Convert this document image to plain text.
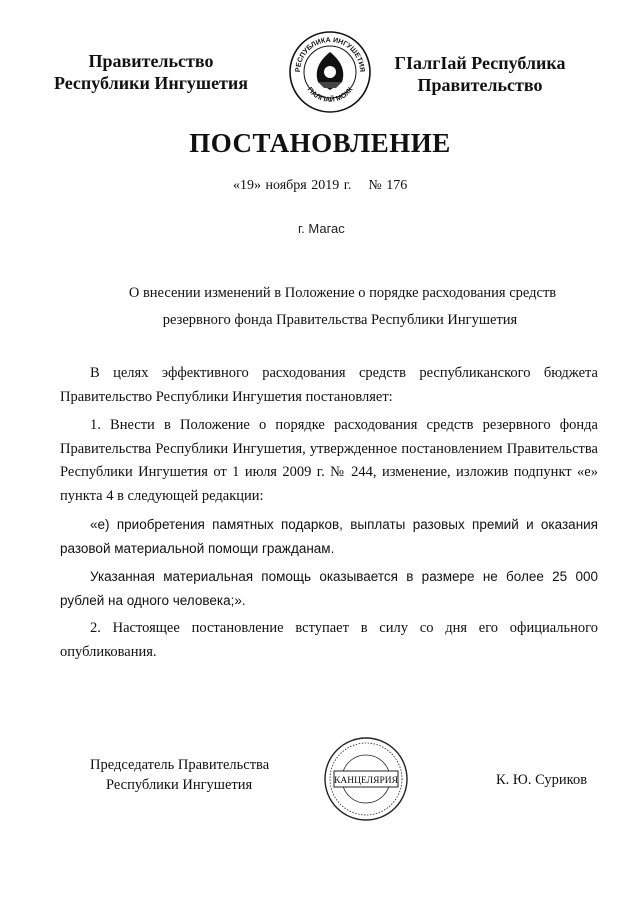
Правительство
Республики Ингушетия
РЕСПУБЛИКА ИНГУШЕТИЯ
ГIАЛГIАЙ МОХК
ГIалгIай Республика
Правительство
ПОСТАНОВЛЕНИЕ
«19» ноября 2019 г. № 176
г. Магас
О внесении изменений в Положение о порядке расходования средств
резервного фонда Правительства Республики Ингушетия

В целях эффективного расходования средств республиканского бюджета Правительство Республики Ингушетия постановляет:

1. Внести в Положение о порядке расходования средств резервного фонда Правительства Республики Ингушетия, утвержденное постановлением Правительства Республики Ингушетия от 1 июля 2009 г. № 244, изменение, изложив подпункт «е» пункта 4 в следующей редакции:

«е) приобретения памятных подарков, выплаты разовых премий и оказания разовой материальной помощи гражданам.

Указанная материальная помощь оказывается в размере не более 25 000 рублей на одного человека;».

2. Настоящее постановление вступает в силу со дня его официального опубликования.

Председатель Правительства
Республики Ингушетия	КАНЦЕЛЯРИЯ	К. Ю. Суриков
